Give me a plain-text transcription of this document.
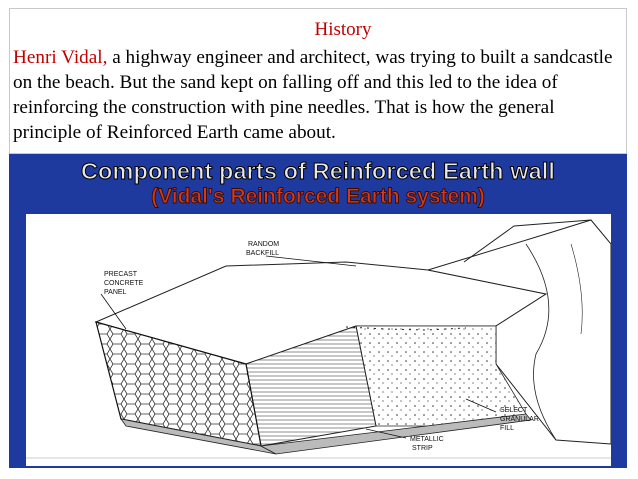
History
Henri Vidal, a highway engineer and architect, was trying to built a sandcastle on the beach. But the sand kept on falling off and this led to the idea of reinforcing the construction with pine needles. That is how the general principle of Reinforced Earth came about.
Component parts of Reinforced Earth wall
(Vidal's Reinforced Earth system)
RANDOM
BACKFILL
PRECAST
CONCRETE
PANEL
SELECT
GRANULAR
FILL
METALLIC
STRIP
